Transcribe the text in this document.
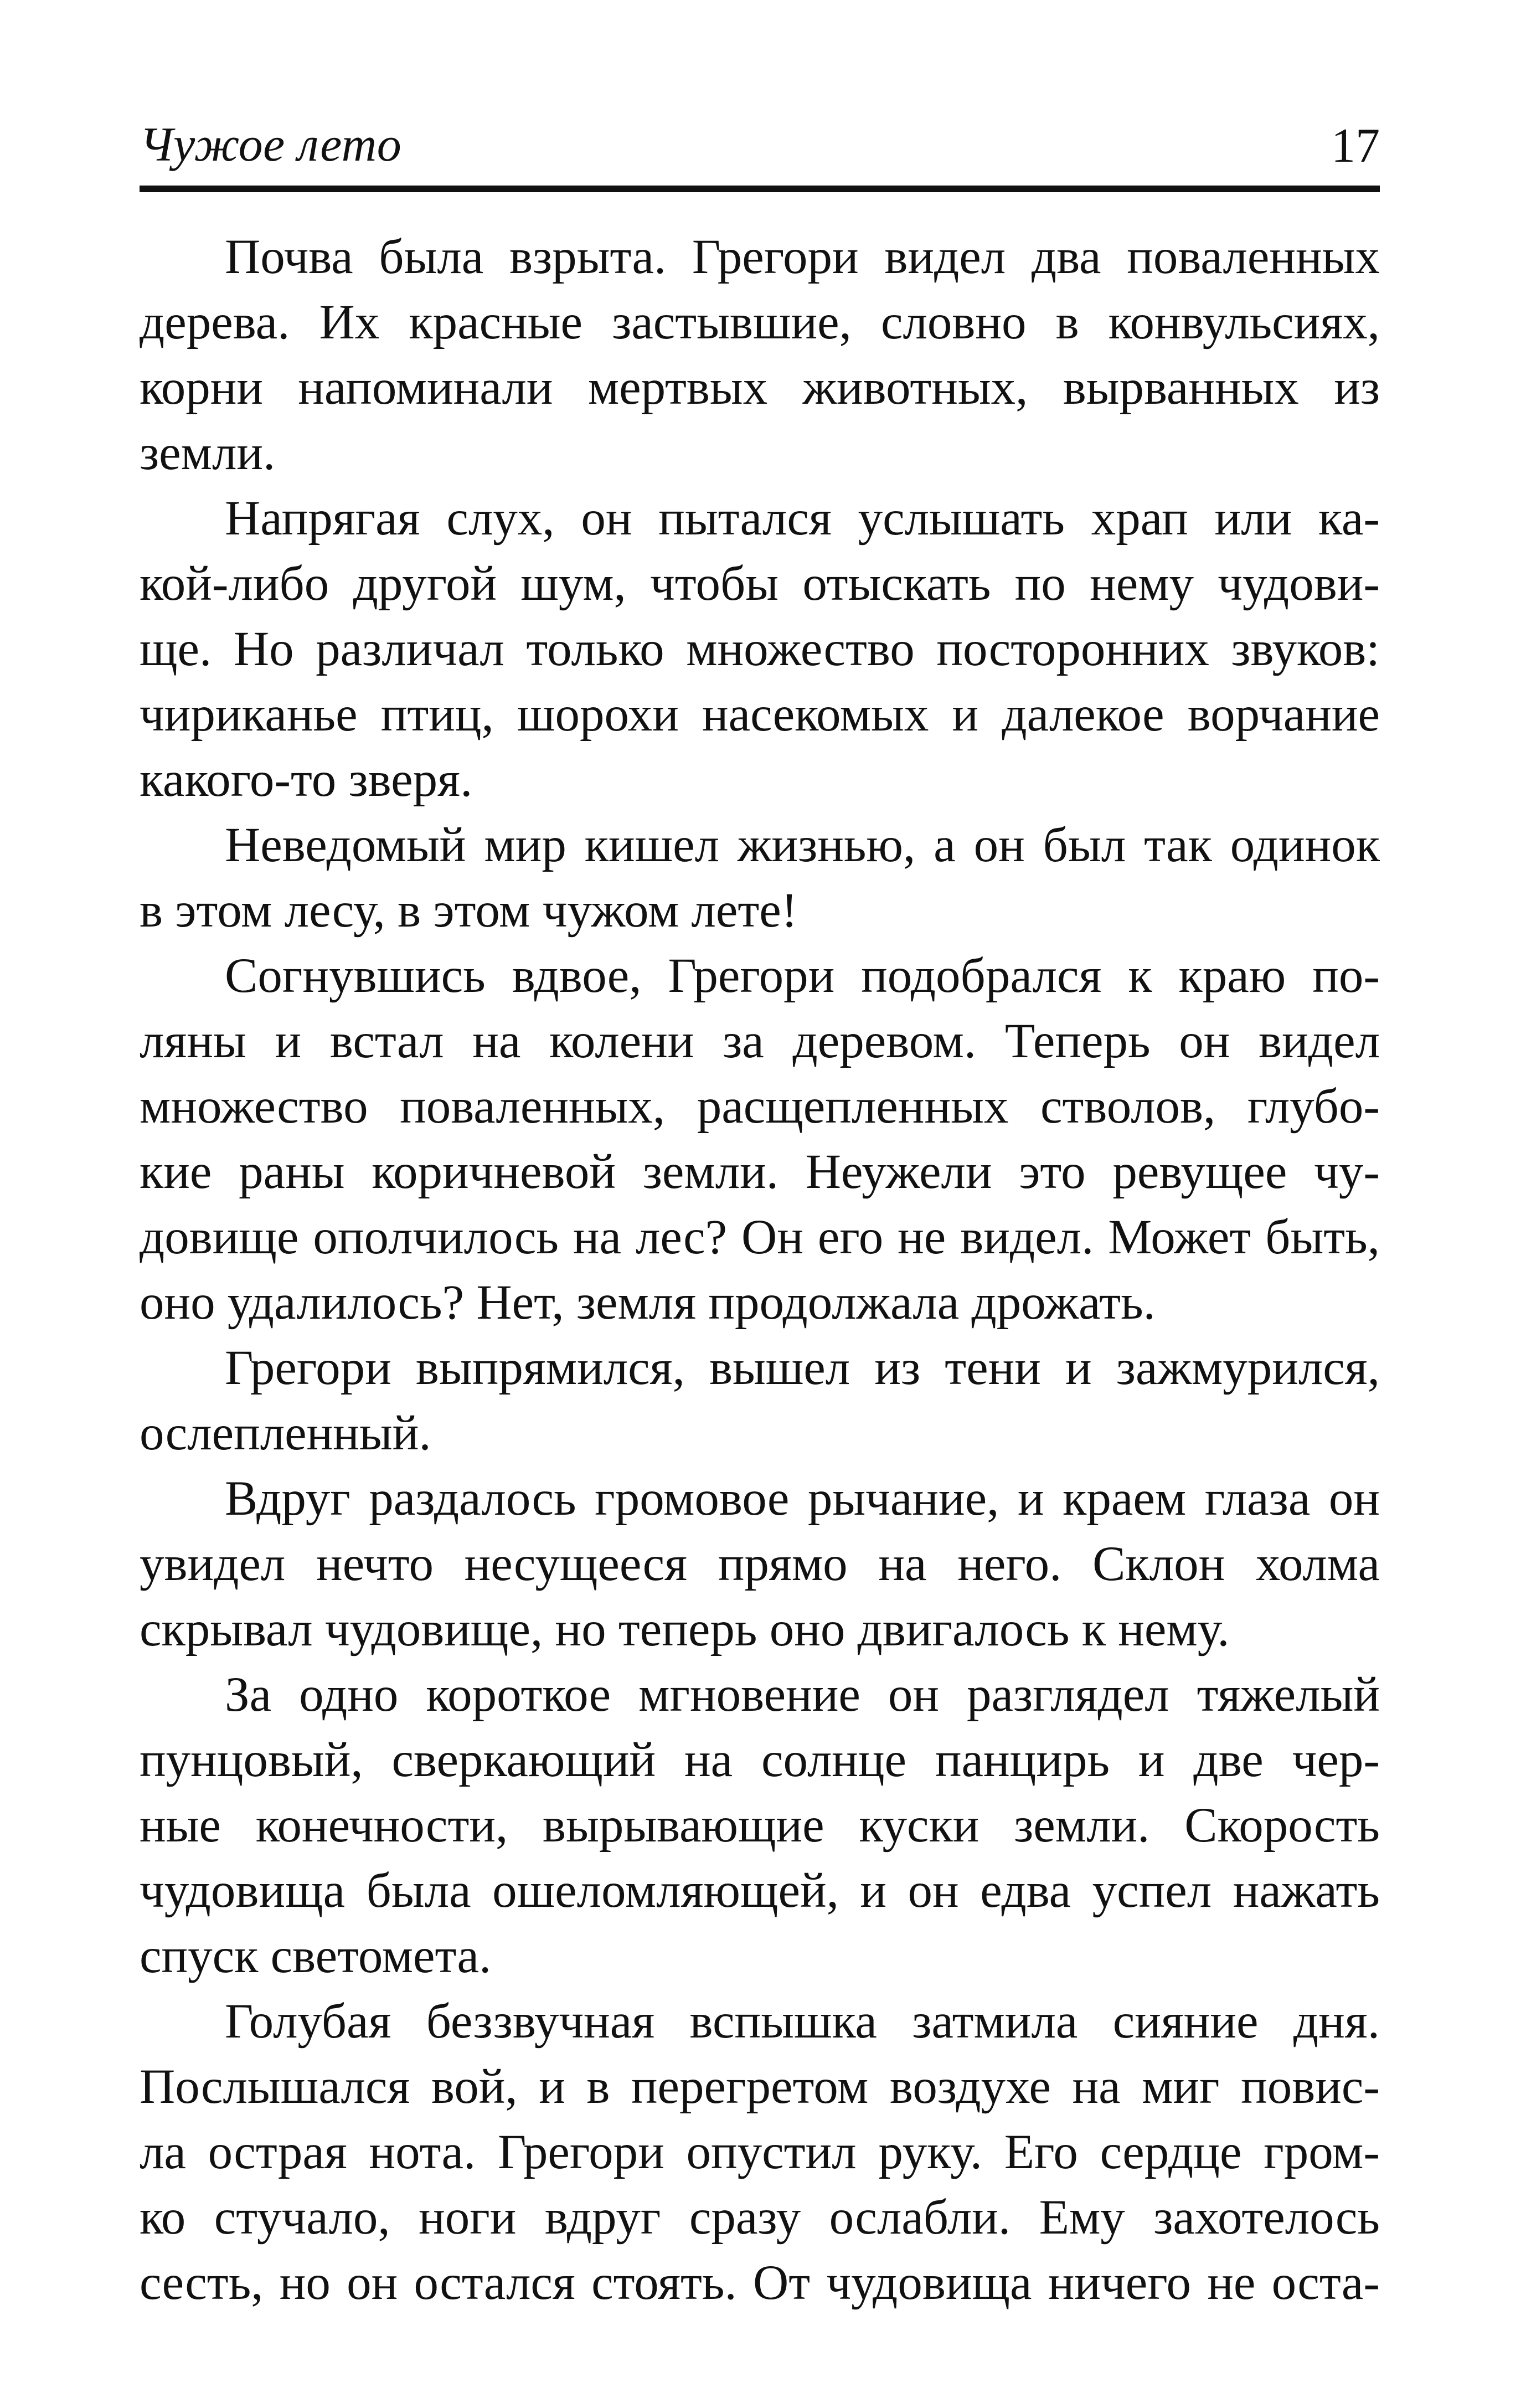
Чужое лето	17
Почва была взрыта. Грегори видел два поваленных
дерева. Их красные застывшие, словно в конвульсиях,
корни напоминали мертвых животных, вырванных из
земли.
Напрягая слух, он пытался услышать храп или ка-
кой-либо другой шум, чтобы отыскать по нему чудови-
ще. Но различал только множество посторонних звуков:
чириканье птиц, шорохи насекомых и далекое ворчание
какого-то зверя.
Неведомый мир кишел жизнью, а он был так одинок
в этом лесу, в этом чужом лете!
Согнувшись вдвое, Грегори подобрался к краю по-
ляны и встал на колени за деревом. Теперь он видел
множество поваленных, расщепленных стволов, глубо-
кие раны коричневой земли. Неужели это ревущее чу-
довище ополчилось на лес? Он его не видел. Может быть,
оно удалилось? Нет, земля продолжала дрожать.
Грегори выпрямился, вышел из тени и зажмурился,
ослепленный.
Вдруг раздалось громовое рычание, и краем глаза он
увидел нечто несущееся прямо на него. Склон холма
скрывал чудовище, но теперь оно двигалось к нему.
За одно короткое мгновение он разглядел тяжелый
пунцовый, сверкающий на солнце панцирь и две чер-
ные конечности, вырывающие куски земли. Скорость
чудовища была ошеломляющей, и он едва успел нажать
спуск светомета.
Голубая беззвучная вспышка затмила сияние дня.
Послышался вой, и в перегретом воздухе на миг повис-
ла острая нота. Грегори опустил руку. Его сердце гром-
ко стучало, ноги вдруг сразу ослабли. Ему захотелось
сесть, но он остался стоять. От чудовища ничего не оста-
